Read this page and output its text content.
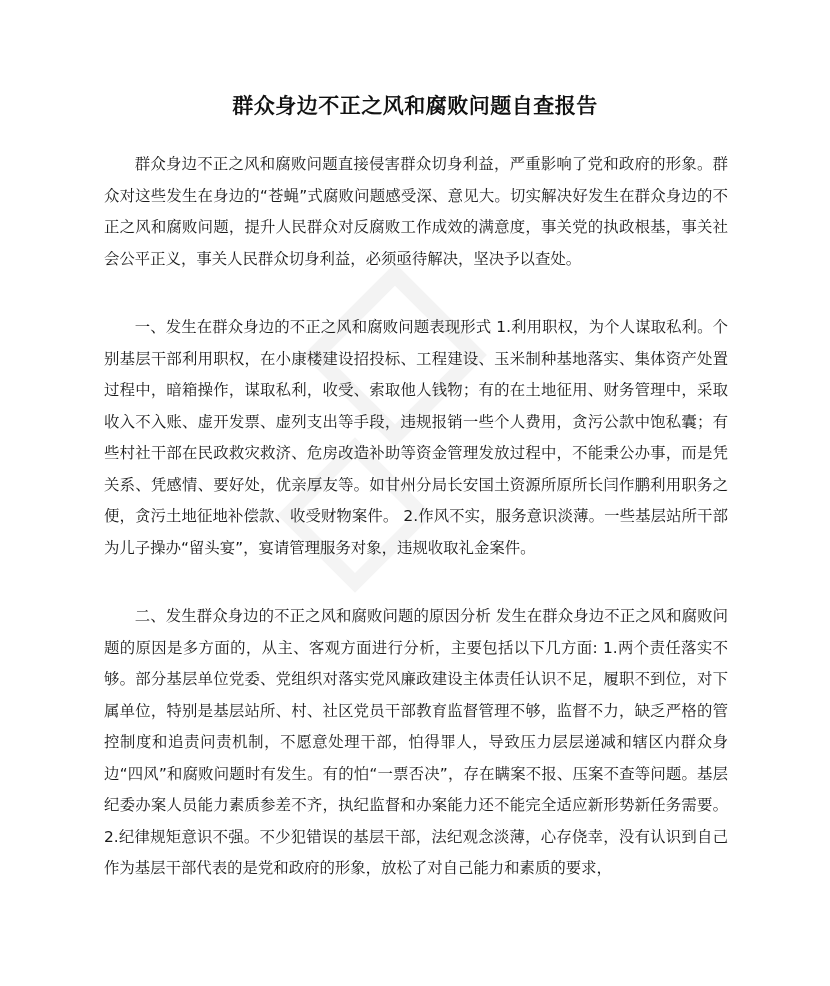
群众身边不正之风和腐败问题自查报告

群众身边不正之风和腐败问题直接侵害群众切身利益，严重影响了党和政府的形象。群众对这些发生在身边的“苍蝇”式腐败问题感受深、意见大。切实解决好发生在群众身边的不正之风和腐败问题，提升人民群众对反腐败工作成效的满意度，事关党的执政根基，事关社会公平正义，事关人民群众切身利益，必须亟待解决，坚决予以查处。

一、发生在群众身边的不正之风和腐败问题表现形式 1.利用职权，为个人谋取私利。个别基层干部利用职权，在小康楼建设招投标、工程建设、玉米制种基地落实、集体资产处置过程中，暗箱操作，谋取私利，收受、索取他人钱物；有的在土地征用、财务管理中，采取收入不入账、虚开发票、虚列支出等手段，违规报销一些个人费用，贪污公款中饱私囊；有些村社干部在民政救灾救济、危房改造补助等资金管理发放过程中，不能秉公办事，而是凭关系、凭感情、要好处，优亲厚友等。如甘州分局长安国土资源所原所长闫作鹏利用职务之便，贪污土地征地补偿款、收受财物案件。 2.作风不实，服务意识淡薄。一些基层站所干部为儿子操办“留头宴”，宴请管理服务对象，违规收取礼金案件。

二、发生群众身边的不正之风和腐败问题的原因分析 发生在群众身边不正之风和腐败问题的原因是多方面的，从主、客观方面进行分析，主要包括以下几方面: 1.两个责任落实不够。部分基层单位党委、党组织对落实党风廉政建设主体责任认识不足，履职不到位，对下属单位，特别是基层站所、村、社区党员干部教育监督管理不够，监督不力，缺乏严格的管控制度和追责问责机制，不愿意处理干部，怕得罪人，导致压力层层递减和辖区内群众身边“四风”和腐败问题时有发生。有的怕“一票否决”，存在瞒案不报、压案不查等问题。基层纪委办案人员能力素质参差不齐，执纪监督和办案能力还不能完全适应新形势新任务需要。 2.纪律规矩意识不强。不少犯错误的基层干部，法纪观念淡薄，心存侥幸，没有认识到自己作为基层干部代表的是党和政府的形象，放松了对自己能力和素质的要求，
